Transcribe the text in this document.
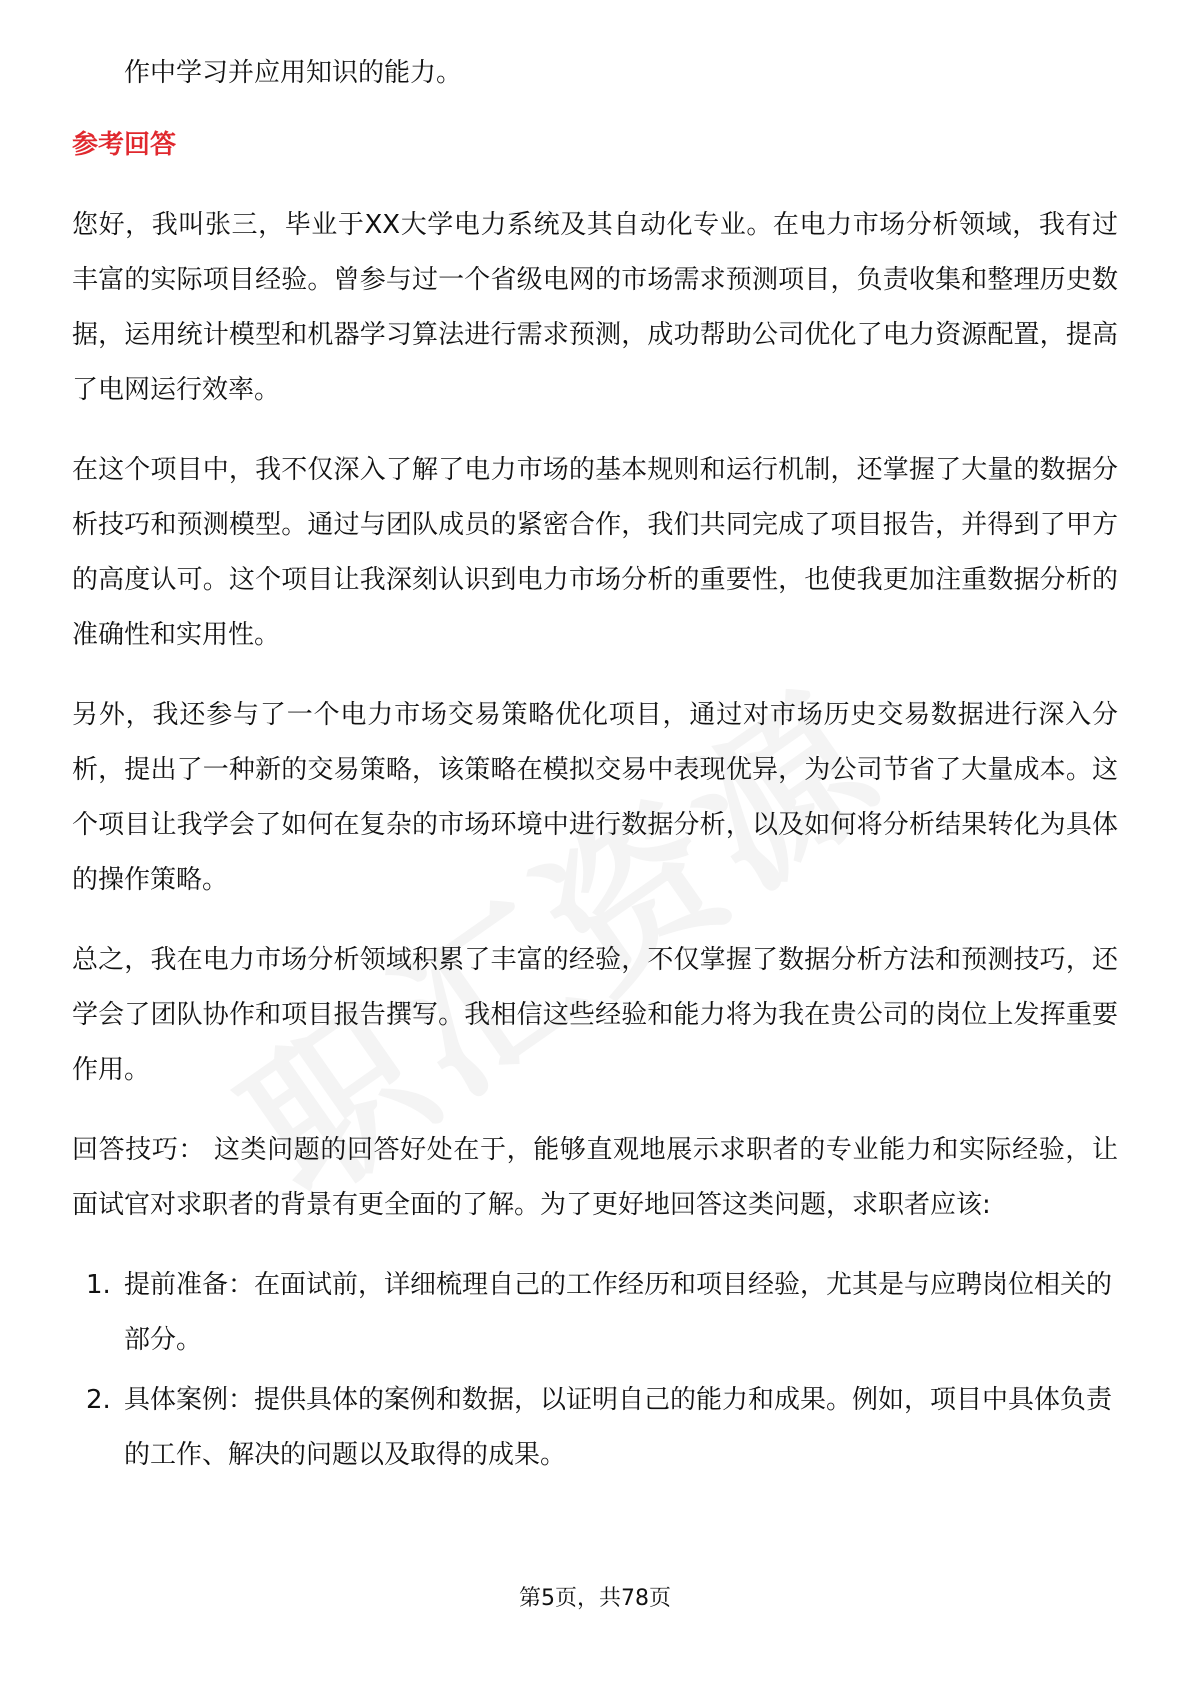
作中学习并应用知识的能力。

参考回答

您好，我叫张三，毕业于XX大学电力系统及其自动化专业。在电力市场分析领域，我有过丰富的实际项目经验。曾参与过一个省级电网的市场需求预测项目，负责收集和整理历史数据，运用统计模型和机器学习算法进行需求预测，成功帮助公司优化了电力资源配置，提高了电网运行效率。

在这个项目中，我不仅深入了解了电力市场的基本规则和运行机制，还掌握了大量的数据分析技巧和预测模型。通过与团队成员的紧密合作，我们共同完成了项目报告，并得到了甲方的高度认可。这个项目让我深刻认识到电力市场分析的重要性，也使我更加注重数据分析的准确性和实用性。

另外，我还参与了一个电力市场交易策略优化项目，通过对市场历史交易数据进行深入分析，提出了一种新的交易策略，该策略在模拟交易中表现优异，为公司节省了大量成本。这个项目让我学会了如何在复杂的市场环境中进行数据分析，以及如何将分析结果转化为具体的操作策略。

总之，我在电力市场分析领域积累了丰富的经验，不仅掌握了数据分析方法和预测技巧，还学会了团队协作和项目报告撰写。我相信这些经验和能力将为我在贵公司的岗位上发挥重要作用。

回答技巧： 这类问题的回答好处在于，能够直观地展示求职者的专业能力和实际经验，让面试官对求职者的背景有更全面的了解。为了更好地回答这类问题，求职者应该:

1. 提前准备：在面试前，详细梳理自己的工作经历和项目经验，尤其是与应聘岗位相关的部分。
2. 具体案例：提供具体的案例和数据，以证明自己的能力和成果。例如，项目中具体负责的工作、解决的问题以及取得的成果。
第5页，共78页
